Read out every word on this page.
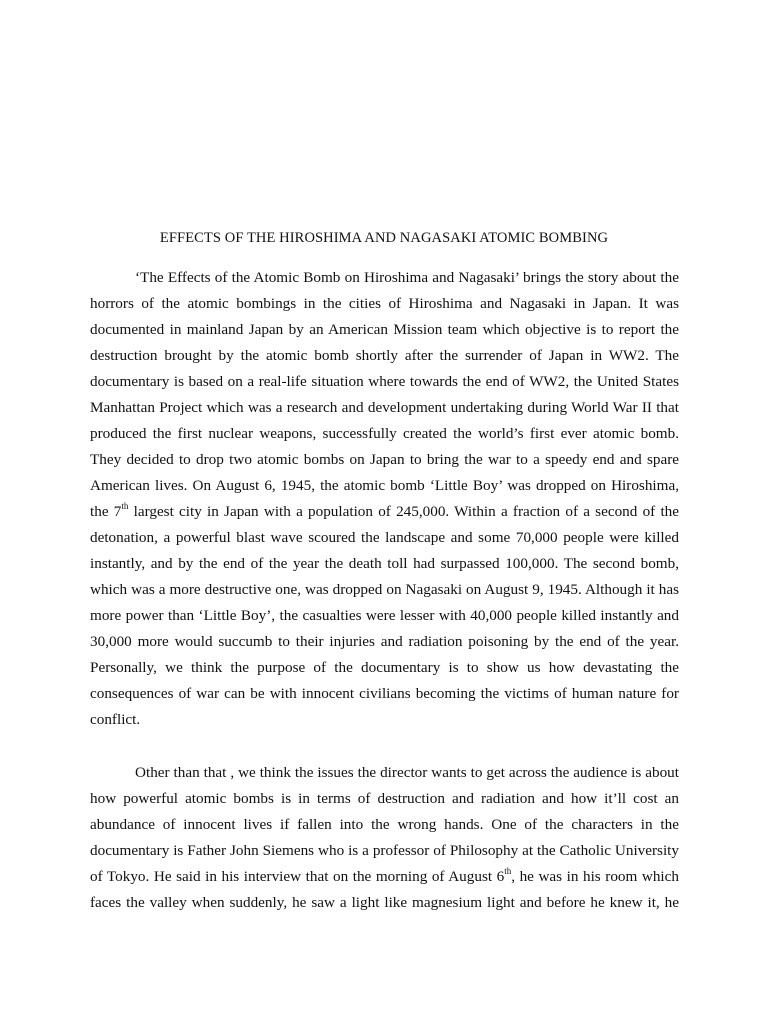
EFFECTS OF THE HIROSHIMA AND NAGASAKI ATOMIC BOMBING
‘The Effects of the Atomic Bomb on Hiroshima and Nagasaki’ brings the story about the
horrors of the atomic bombings in the cities of Hiroshima and Nagasaki in Japan. It was
documented in mainland Japan by an American Mission team which objective is to report the
destruction brought by the atomic bomb shortly after the surrender of Japan in WW2. The
documentary is based on a real-life situation where towards the end of WW2, the United States
Manhattan Project which was a research and development undertaking during World War II that
produced the first nuclear weapons, successfully created the world’s first ever atomic bomb.
They decided to drop two atomic bombs on Japan to bring the war to a speedy end and spare
American lives. On August 6, 1945, the atomic bomb ‘Little Boy’ was dropped on Hiroshima,
the 7th largest city in Japan with a population of 245,000. Within a fraction of a second of the
detonation, a powerful blast wave scoured the landscape and some 70,000 people were killed
instantly, and by the end of the year the death toll had surpassed 100,000. The second bomb,
which was a more destructive one, was dropped on Nagasaki on August 9, 1945. Although it has
more power than ‘Little Boy’, the casualties were lesser with 40,000 people killed instantly and
30,000 more would succumb to their injuries and radiation poisoning by the end of the year.
Personally, we think the purpose of the documentary is to show us how devastating the
consequences of war can be with innocent civilians becoming the victims of human nature for
conflict.
Other than that , we think the issues the director wants to get across the audience is about
how powerful atomic bombs is in terms of destruction and radiation and how it’ll cost an
abundance of innocent lives if fallen into the wrong hands. One of the characters in the
documentary is Father John Siemens who is a professor of Philosophy at the Catholic University
of Tokyo. He said in his interview that on the morning of August 6th, he was in his room which
faces the valley when suddenly, he saw a light like magnesium light and before he knew it, he
